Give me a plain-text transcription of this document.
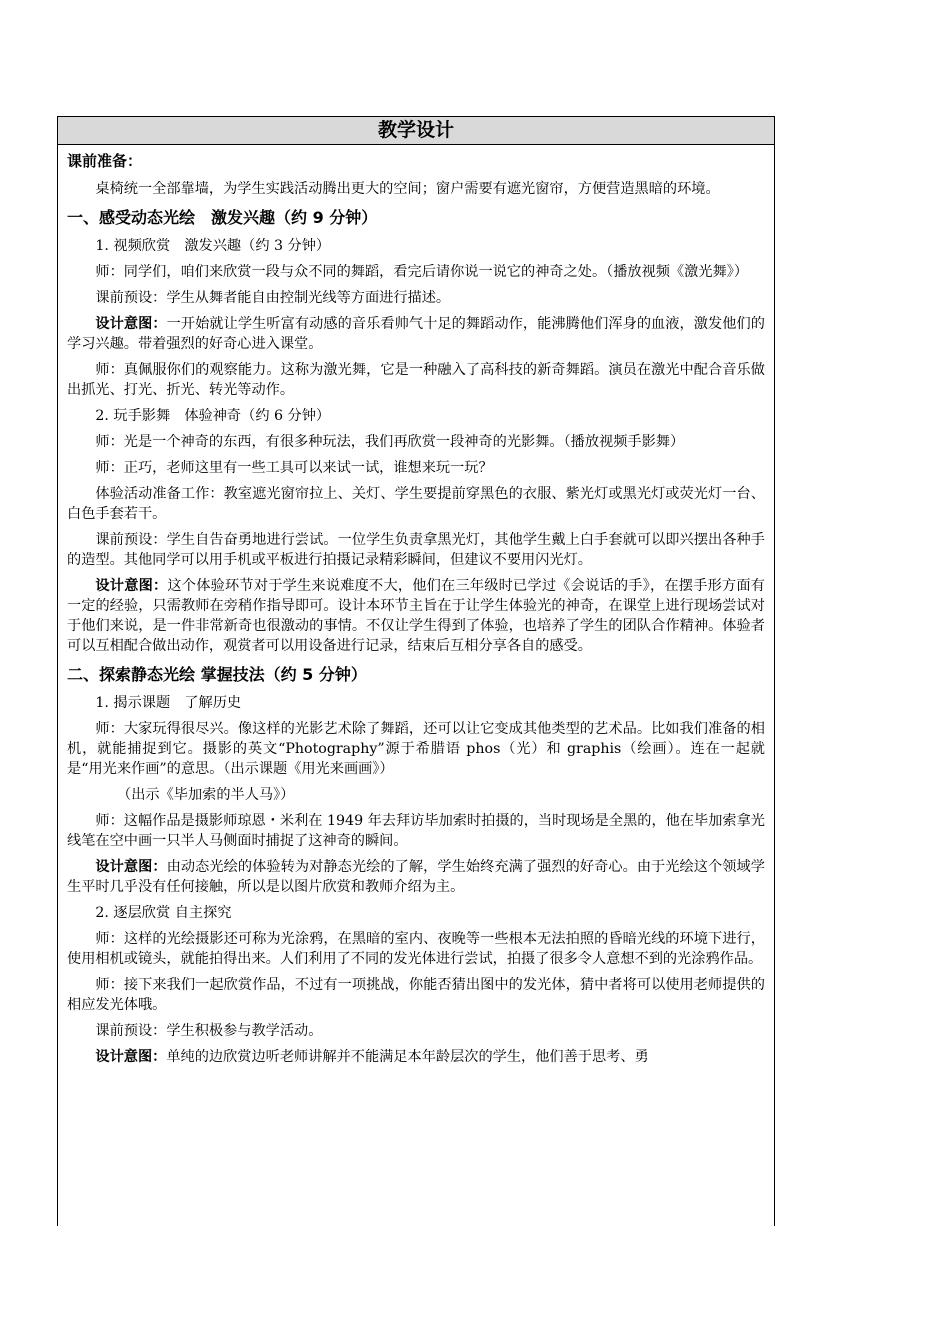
教学设计

课前准备：

桌椅统一全部靠墙，为学生实践活动腾出更大的空间；窗户需要有遮光窗帘，方便营造黑暗的环境。

一、感受动态光绘　激发兴趣（约 9 分钟）

1. 视频欣赏　激发兴趣（约 3 分钟）

师：同学们，咱们来欣赏一段与众不同的舞蹈，看完后请你说一说它的神奇之处。（播放视频《激光舞》）

课前预设：学生从舞者能自由控制光线等方面进行描述。

设计意图：一开始就让学生听富有动感的音乐看帅气十足的舞蹈动作，能沸腾他们浑身的血液，激发他们的学习兴趣。带着强烈的好奇心进入课堂。

师：真佩服你们的观察能力。这称为激光舞，它是一种融入了高科技的新奇舞蹈。演员在激光中配合音乐做出抓光、打光、折光、转光等动作。

2. 玩手影舞　体验神奇（约 6 分钟）

师：光是一个神奇的东西，有很多种玩法，我们再欣赏一段神奇的光影舞。（播放视频手影舞）

师：正巧，老师这里有一些工具可以来试一试，谁想来玩一玩？

体验活动准备工作：教室遮光窗帘拉上、关灯、学生要提前穿黑色的衣服、紫光灯或黑光灯或荧光灯一台、白色手套若干。

课前预设：学生自告奋勇地进行尝试。一位学生负责拿黑光灯，其他学生戴上白手套就可以即兴摆出各种手的造型。其他同学可以用手机或平板进行拍摄记录精彩瞬间，但建议不要用闪光灯。

设计意图：这个体验环节对于学生来说难度不大，他们在三年级时已学过《会说话的手》，在摆手形方面有一定的经验，只需教师在旁稍作指导即可。设计本环节主旨在于让学生体验光的神奇，在课堂上进行现场尝试对于他们来说，是一件非常新奇也很激动的事情。不仅让学生得到了体验，也培养了学生的团队合作精神。体验者可以互相配合做出动作，观赏者可以用设备进行记录，结束后互相分享各自的感受。

二、探索静态光绘 掌握技法（约 5 分钟）

1. 揭示课题　了解历史

师：大家玩得很尽兴。像这样的光影艺术除了舞蹈，还可以让它变成其他类型的艺术品。比如我们准备的相机，就能捕捉到它。摄影的英文“Photography”源于希腊语 phos（光）和 graphis（绘画）。连在一起就是“用光来作画”的意思。（出示课题《用光来画画》）

（出示《毕加索的半人马》）

师：这幅作品是摄影师琼恩・米利在 1949 年去拜访毕加索时拍摄的，当时现场是全黑的，他在毕加索拿光线笔在空中画一只半人马侧面时捕捉了这神奇的瞬间。

设计意图：由动态光绘的体验转为对静态光绘的了解，学生始终充满了强烈的好奇心。由于光绘这个领域学生平时几乎没有任何接触，所以是以图片欣赏和教师介绍为主。

2. 逐层欣赏 自主探究

师：这样的光绘摄影还可称为光涂鸦，在黑暗的室内、夜晚等一些根本无法拍照的昏暗光线的环境下进行，使用相机或镜头，就能拍得出来。人们利用了不同的发光体进行尝试，拍摄了很多令人意想不到的光涂鸦作品。

师：接下来我们一起欣赏作品，不过有一项挑战，你能否猜出图中的发光体，猜中者将可以使用老师提供的相应发光体哦。

课前预设：学生积极参与教学活动。

设计意图：单纯的边欣赏边听老师讲解并不能满足本年龄层次的学生，他们善于思考、勇
